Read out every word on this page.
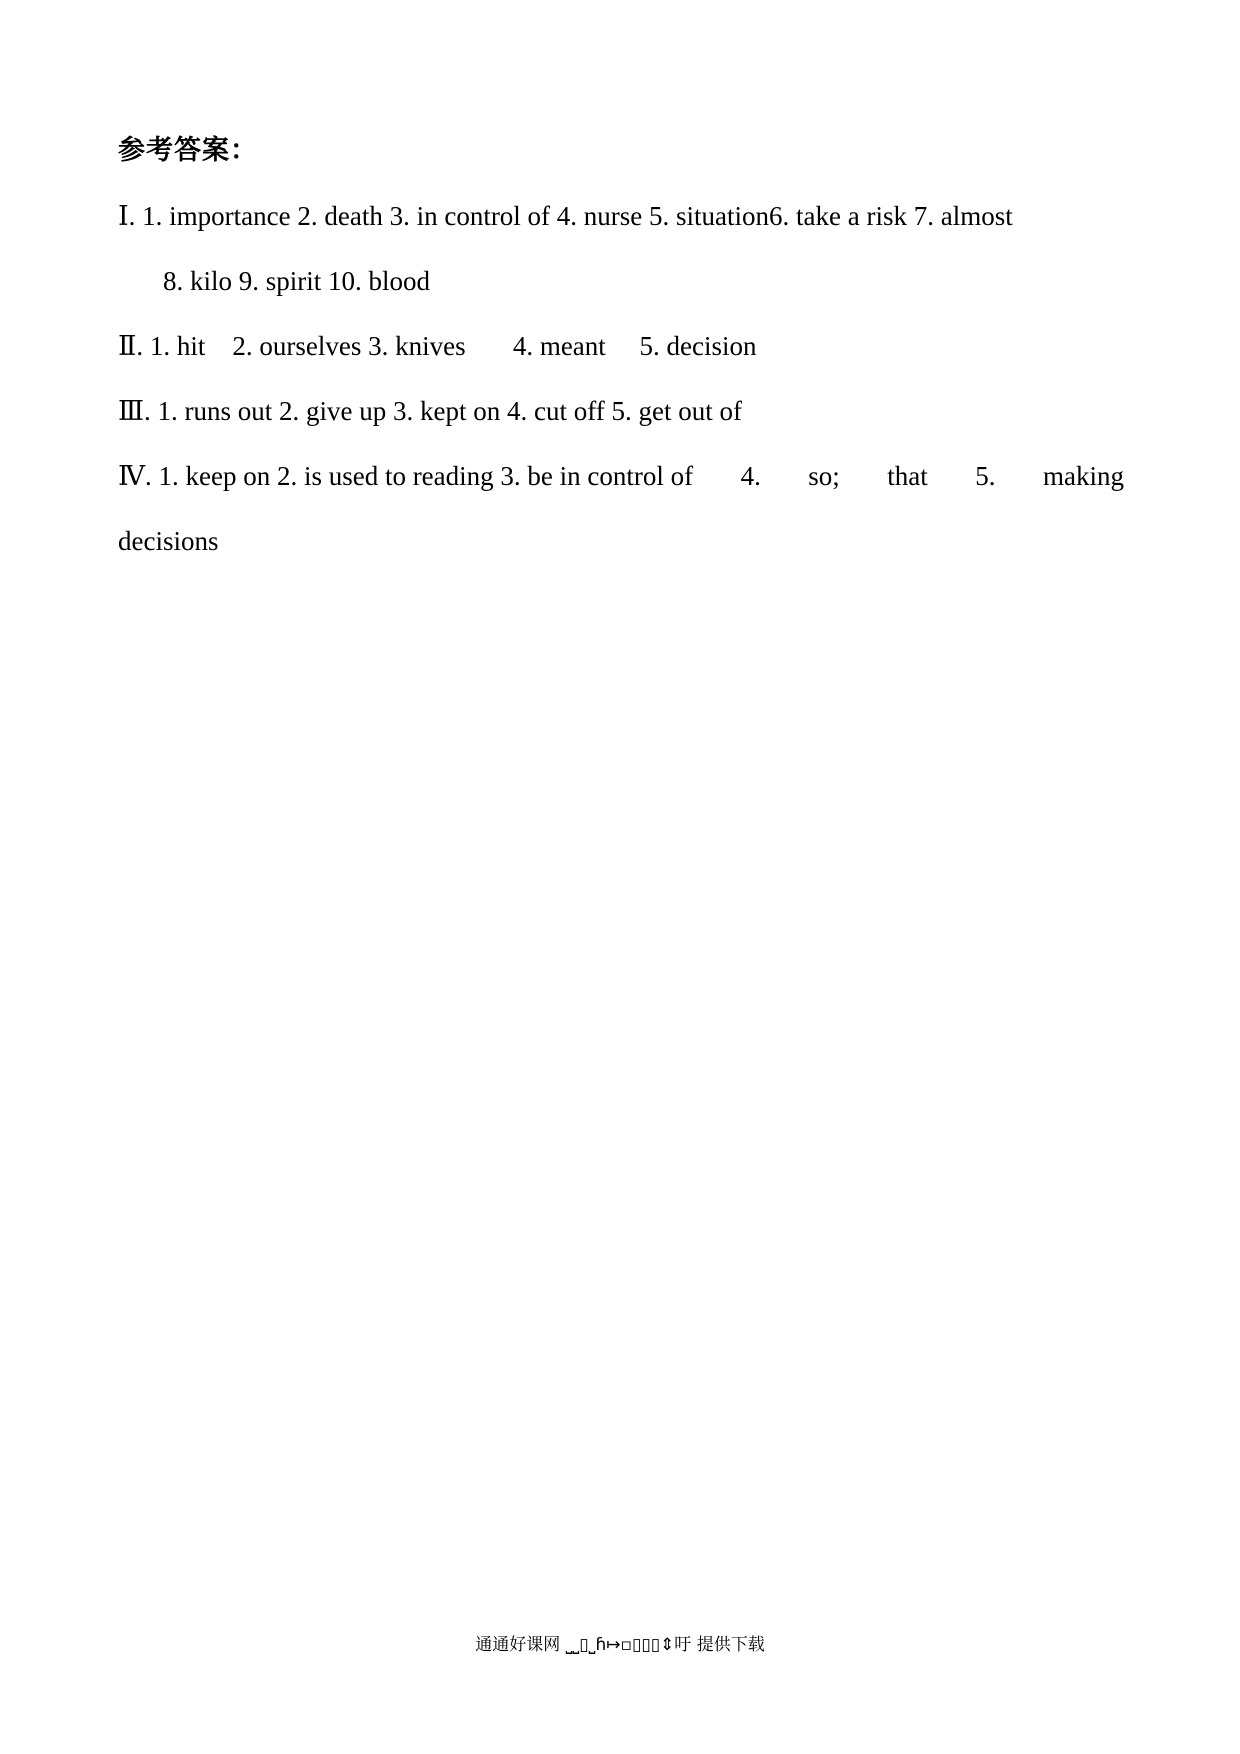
参考答案：
Ⅰ. 1. importance 2. death 3. in control of 4. nurse 5. situation6. take a risk 7. almost
8. kilo 9. spirit 10. blood
Ⅱ. 1. hit    2. ourselves 3. knives       4. meant     5. decision
Ⅲ. 1. runs out 2. give up 3. kept on 4. cut off 5. get out of
Ⅳ. 1. keep on 2. is used to reading 3. be in control of 4. so; that 5. making
decisions
通通好课网 ⎵⎵▯⎵ɦ↦▫▯▯▯⇕吁 提供下载
